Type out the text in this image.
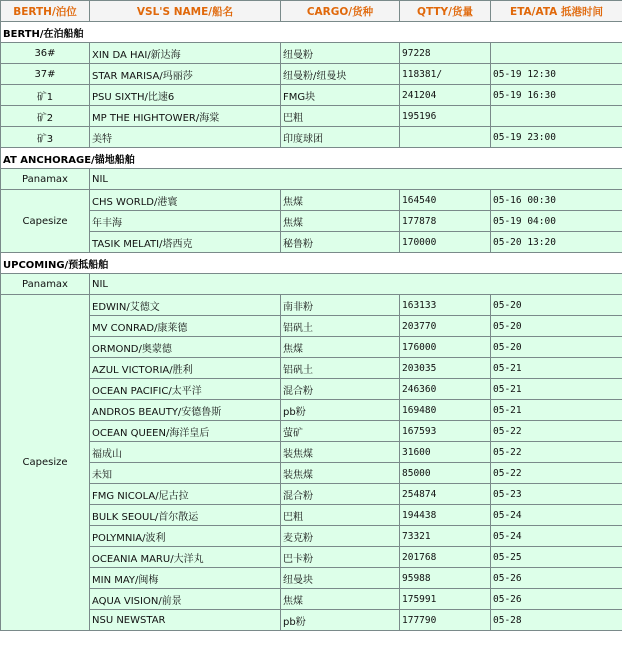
BERTH/泊位	VSL'S NAME/船名	CARGO/货种	QTTY/货量	ETA/ATA 抵港时间
BERTH/在泊船舶				
36#	XIN DA HAI/新达海	纽曼粉	97228	
37#	STAR MARISA/玛丽莎	纽曼粉/纽曼块	118381/	05-19 12:30
矿1	PSU SIXTH/比速6	FMG块	241204	05-19 16:30
矿2	MP THE HIGHTOWER/海棠	巴粗	195196	
矿3	美特	印度球团		05-19 23:00
AT ANCHORAGE/锚地船舶				
Panamax	NIL			
Capesize	CHS WORLD/港寰	焦煤	164540	05-16 00:30
	年丰海	焦煤	177878	05-19 04:00
	TASIK MELATI/塔西克	秘鲁粉	170000	05-20 13:20
UPCOMING/预抵船舶				
Panamax	NIL			
Capesize	EDWIN/艾德文	南非粉	163133	05-20
	MV CONRAD/康莱德	铝矾土	203770	05-20
	ORMOND/奥蒙德	焦煤	176000	05-20
	AZUL VICTORIA/胜利	铝矾土	203035	05-21
	OCEAN PACIFIC/太平洋	混合粉	246360	05-21
	ANDROS BEAUTY/安德鲁斯	pb粉	169480	05-21
	OCEAN QUEEN/海洋皇后	萤矿	167593	05-22
	福成山	装焦煤	31600	05-22
	未知	装焦煤	85000	05-22
	FMG NICOLA/尼古拉	混合粉	254874	05-23
	BULK SEOUL/首尔散运	巴粗	194438	05-24
	POLYMNIA/波利	麦克粉	73321	05-24
	OCEANIA MARU/大洋丸	巴卡粉	201768	05-25
	MIN MAY/闽梅	纽曼块	95988	05-26
	AQUA VISION/前景	焦煤	175991	05-26
	NSU NEWSTAR	pb粉	177790	05-28
